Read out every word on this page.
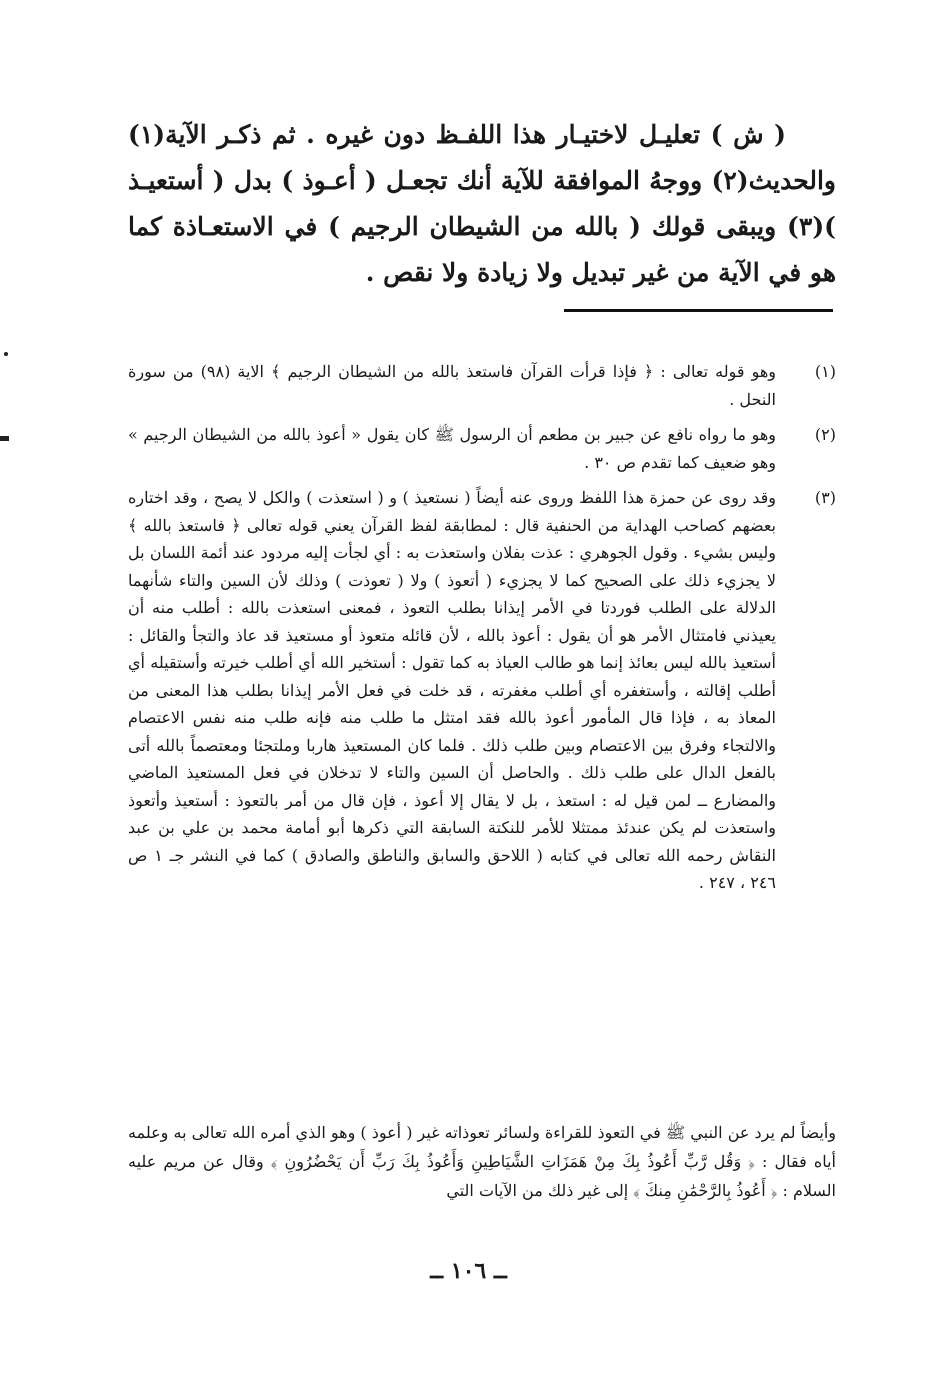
( ش ) تعليـل لاختيـار هذا اللفـظ دون غيره . ثم ذكـر الآية(١) والحديث(٢) ووجهُ الموافقة للآية أنك تجعـل ( أعـوذ ) بدل ( أستعيـذ )(٣) ويبقى قولك ( بالله من الشيطان الرجيم ) في الاستعـاذة كما هو في الآية من غير تبديل ولا زيادة ولا نقص .

(١)
وهو قوله تعالى : ﴿ فإذا قرأت القرآن فاستعذ بالله من الشيطان الرجيم ﴾ الاية (٩٨) من سورة النحل .
(٢)
وهو ما رواه نافع عن جبير بن مطعم أن الرسول ﷺ كان يقول « أعوذ بالله من الشيطان الرجيم » وهو ضعيف كما تقدم ص ٣٠ .
(٣)
وقد روى عن حمزة هذا اللفظ وروى عنه أيضاً ( نستعيذ ) و ( استعذت ) والكل لا يصح ، وقد اختاره بعضهم كصاحب الهداية من الحنفية قال : لمطابقة لفظ القرآن يعني قوله تعالى ﴿ فاستعذ بالله ﴾ وليس بشيء . وقول الجوهري : عذت بفلان واستعذت به : أي لجأت إليه مردود عند أئمة اللسان بل لا يجزيء ذلك على الصحيح كما لا يجزيء ( أتعوذ ) ولا ( تعوذت ) وذلك لأن السين والتاء شأنهما الدلالة على الطلب فوردتا في الأمر إيذانا بطلب التعوذ ، فمعنى استعذت بالله : أطلب منه أن يعيذني فامتثال الأمر هو أن يقول : أعوذ بالله ، لأن قائله متعوذ أو مستعيذ قد عاذ والتجأ والقائل : أستعيذ بالله ليس بعائذ إنما هو طالب العياذ به كما تقول : أستخير الله أي أطلب خيرته وأستقيله أي أطلب إقالته ، وأستغفره أي أطلب مغفرته ، قد خلت في فعل الأمر إيذانا بطلب هذا المعنى من المعاذ به ، فإذا قال المأمور أعوذ بالله فقد امتثل ما طلب منه فإنه طلب منه نفس الاعتصام والالتجاء وفرق بين الاعتصام وبين طلب ذلك . فلما كان المستعيذ هاربا وملتجئا ومعتصماً بالله أتى بالفعل الدال على طلب ذلك . والحاصل أن السين والتاء لا تدخلان في فعل المستعيذ الماضي والمضارع ــ لمن قيل له : استعذ ، بل لا يقال إلا أعوذ ، فإن قال من أمر بالتعوذ : أستعيذ وأتعوذ واستعذت لم يكن عندئذ ممتثلا للأمر للنكتة السابقة التي ذكرها أبو أمامة محمد بن علي بن عبد النقاش رحمه الله تعالى في كتابه ( اللاحق والسابق والناطق والصادق ) كما في النشر جـ ١ ص ٢٤٦ ، ٢٤٧ .
وأيضاً لم يرد عن النبي ﷺ في التعوذ للقراءة ولسائر تعوذاته غير ( أعوذ ) وهو الذي أمره الله تعالى به وعلمه أياه فقال : ﴿ وَقُل رَّبِّ أَعُوذُ بِكَ مِنْ هَمَزَاتِ الشَّيَاطِينِ وَأَعُوذُ بِكَ رَبِّ أَن يَحْضُرُونِ ﴾ وقال عن مريم عليه السلام : ﴿ أَعُوذُ بِالرَّحْمَٰنِ مِنكَ ﴾ إلى غير ذلك من الآيات التي
ــ ١٠٦ ــ
